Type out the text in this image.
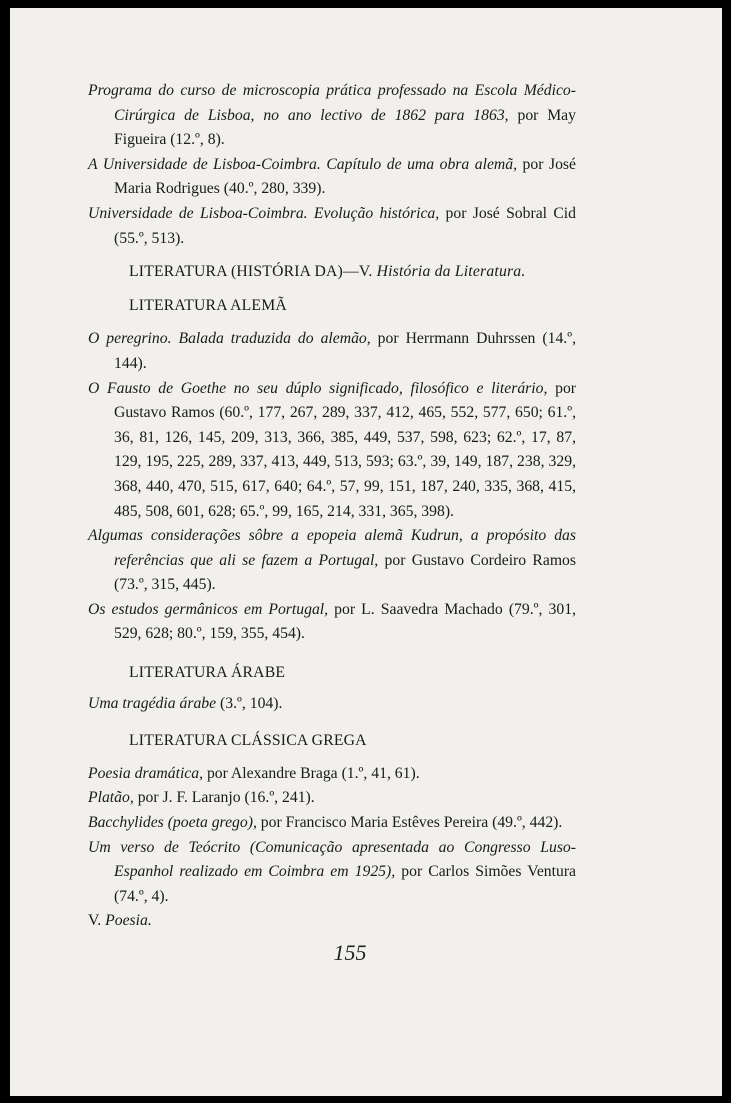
Programa do curso de microscopia prática professado na Escola Médico-Cirúrgica de Lisboa, no ano lectivo de 1862 para 1863, por May Figueira (12.º, 8).
A Universidade de Lisboa-Coimbra. Capítulo de uma obra alemã, por José Maria Rodrigues (40.º, 280, 339).
Universidade de Lisboa-Coimbra. Evolução histórica, por José Sobral Cid (55.º, 513).
LITERATURA (HISTÓRIA DA)—V. História da Literatura.
LITERATURA ALEMÃ
O peregrino. Balada traduzida do alemão, por Herrmann Duhrssen (14.º, 144).
O Fausto de Goethe no seu dúplo significado, filosófico e literário, por Gustavo Ramos (60.º, 177, 267, 289, 337, 412, 465, 552, 577, 650; 61.º, 36, 81, 126, 145, 209, 313, 366, 385, 449, 537, 598, 623; 62.º, 17, 87, 129, 195, 225, 289, 337, 413, 449, 513, 593; 63.º, 39, 149, 187, 238, 329, 368, 440, 470, 515, 617, 640; 64.º, 57, 99, 151, 187, 240, 335, 368, 415, 485, 508, 601, 628; 65.º, 99, 165, 214, 331, 365, 398).
Algumas considerações sôbre a epopeia alemã Kudrun, a propósito das referências que ali se fazem a Portugal, por Gustavo Cordeiro Ramos (73.º, 315, 445).
Os estudos germânicos em Portugal, por L. Saavedra Machado (79.º, 301, 529, 628; 80.º, 159, 355, 454).
LITERATURA ÁRABE
Uma tragédia árabe (3.º, 104).
LITERATURA CLÁSSICA GREGA
Poesia dramática, por Alexandre Braga (1.º, 41, 61).
Platão, por J. F. Laranjo (16.º, 241).
Bacchylides (poeta grego), por Francisco Maria Estêves Pereira (49.º, 442).
Um verso de Teócrito (Comunicação apresentada ao Congresso Luso-Espanhol realizado em Coimbra em 1925), por Carlos Simões Ventura (74.º, 4).
V. Poesia.
155
